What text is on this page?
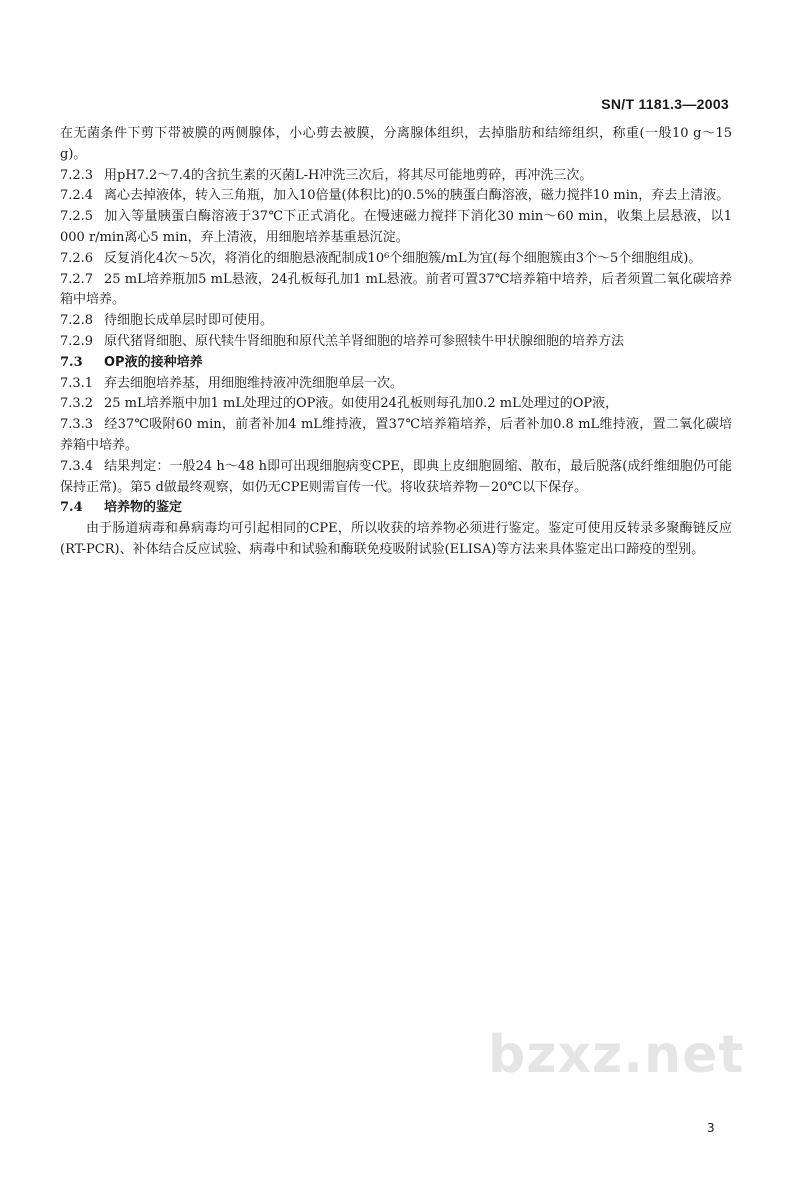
SN/T 1181.3—2003

在无菌条件下剪下带被膜的两侧腺体，小心剪去被膜，分离腺体组织，去掉脂肪和结缔组织，称重(一般10 g～15 g)。

7.2.3 用pH7.2～7.4的含抗生素的灭菌L-H冲洗三次后，将其尽可能地剪碎，再冲洗三次。

7.2.4 离心去掉液体，转入三角瓶，加入10倍量(体积比)的0.5%的胰蛋白酶溶液，磁力搅拌10 min，弃去上清液。

7.2.5 加入等量胰蛋白酶溶液于37℃下正式消化。在慢速磁力搅拌下消化30 min～60 min，收集上层悬液，以1 000 r/min离心5 min，弃上清液，用细胞培养基重悬沉淀。

7.2.6 反复消化4次～5次，将消化的细胞悬液配制成10⁶个细胞簇/mL为宜(每个细胞簇由3个～5个细胞组成)。

7.2.7 25 mL培养瓶加5 mL悬液，24孔板每孔加1 mL悬液。前者可置37℃培养箱中培养，后者须置二氧化碳培养箱中培养。

7.2.8 待细胞长成单层时即可使用。

7.2.9 原代猪肾细胞、原代犊牛肾细胞和原代羔羊肾细胞的培养可参照犊牛甲状腺细胞的培养方法

7.3 OP液的接种培养

7.3.1 弃去细胞培养基，用细胞维持液冲洗细胞单层一次。

7.3.2 25 mL培养瓶中加1 mL处理过的OP液。如使用24孔板则每孔加0.2 mL处理过的OP液，

7.3.3 经37℃吸附60 min，前者补加4 mL维持液，置37℃培养箱培养，后者补加0.8 mL维持液，置二氧化碳培养箱中培养。

7.3.4 结果判定：一般24 h～48 h即可出现细胞病变CPE，即典上皮细胞圆缩、散布，最后脱落(成纤维细胞仍可能保持正常)。第5 d做最终观察，如仍无CPE则需盲传一代。将收获培养物－20℃以下保存。

7.4 培养物的鉴定

由于肠道病毒和鼻病毒均可引起相同的CPE，所以收获的培养物必须进行鉴定。鉴定可使用反转录多聚酶链反应(RT-PCR)、补体结合反应试验、病毒中和试验和酶联免疫吸附试验(ELISA)等方法来具体鉴定出口蹄疫的型别。

bzxz.net
3
